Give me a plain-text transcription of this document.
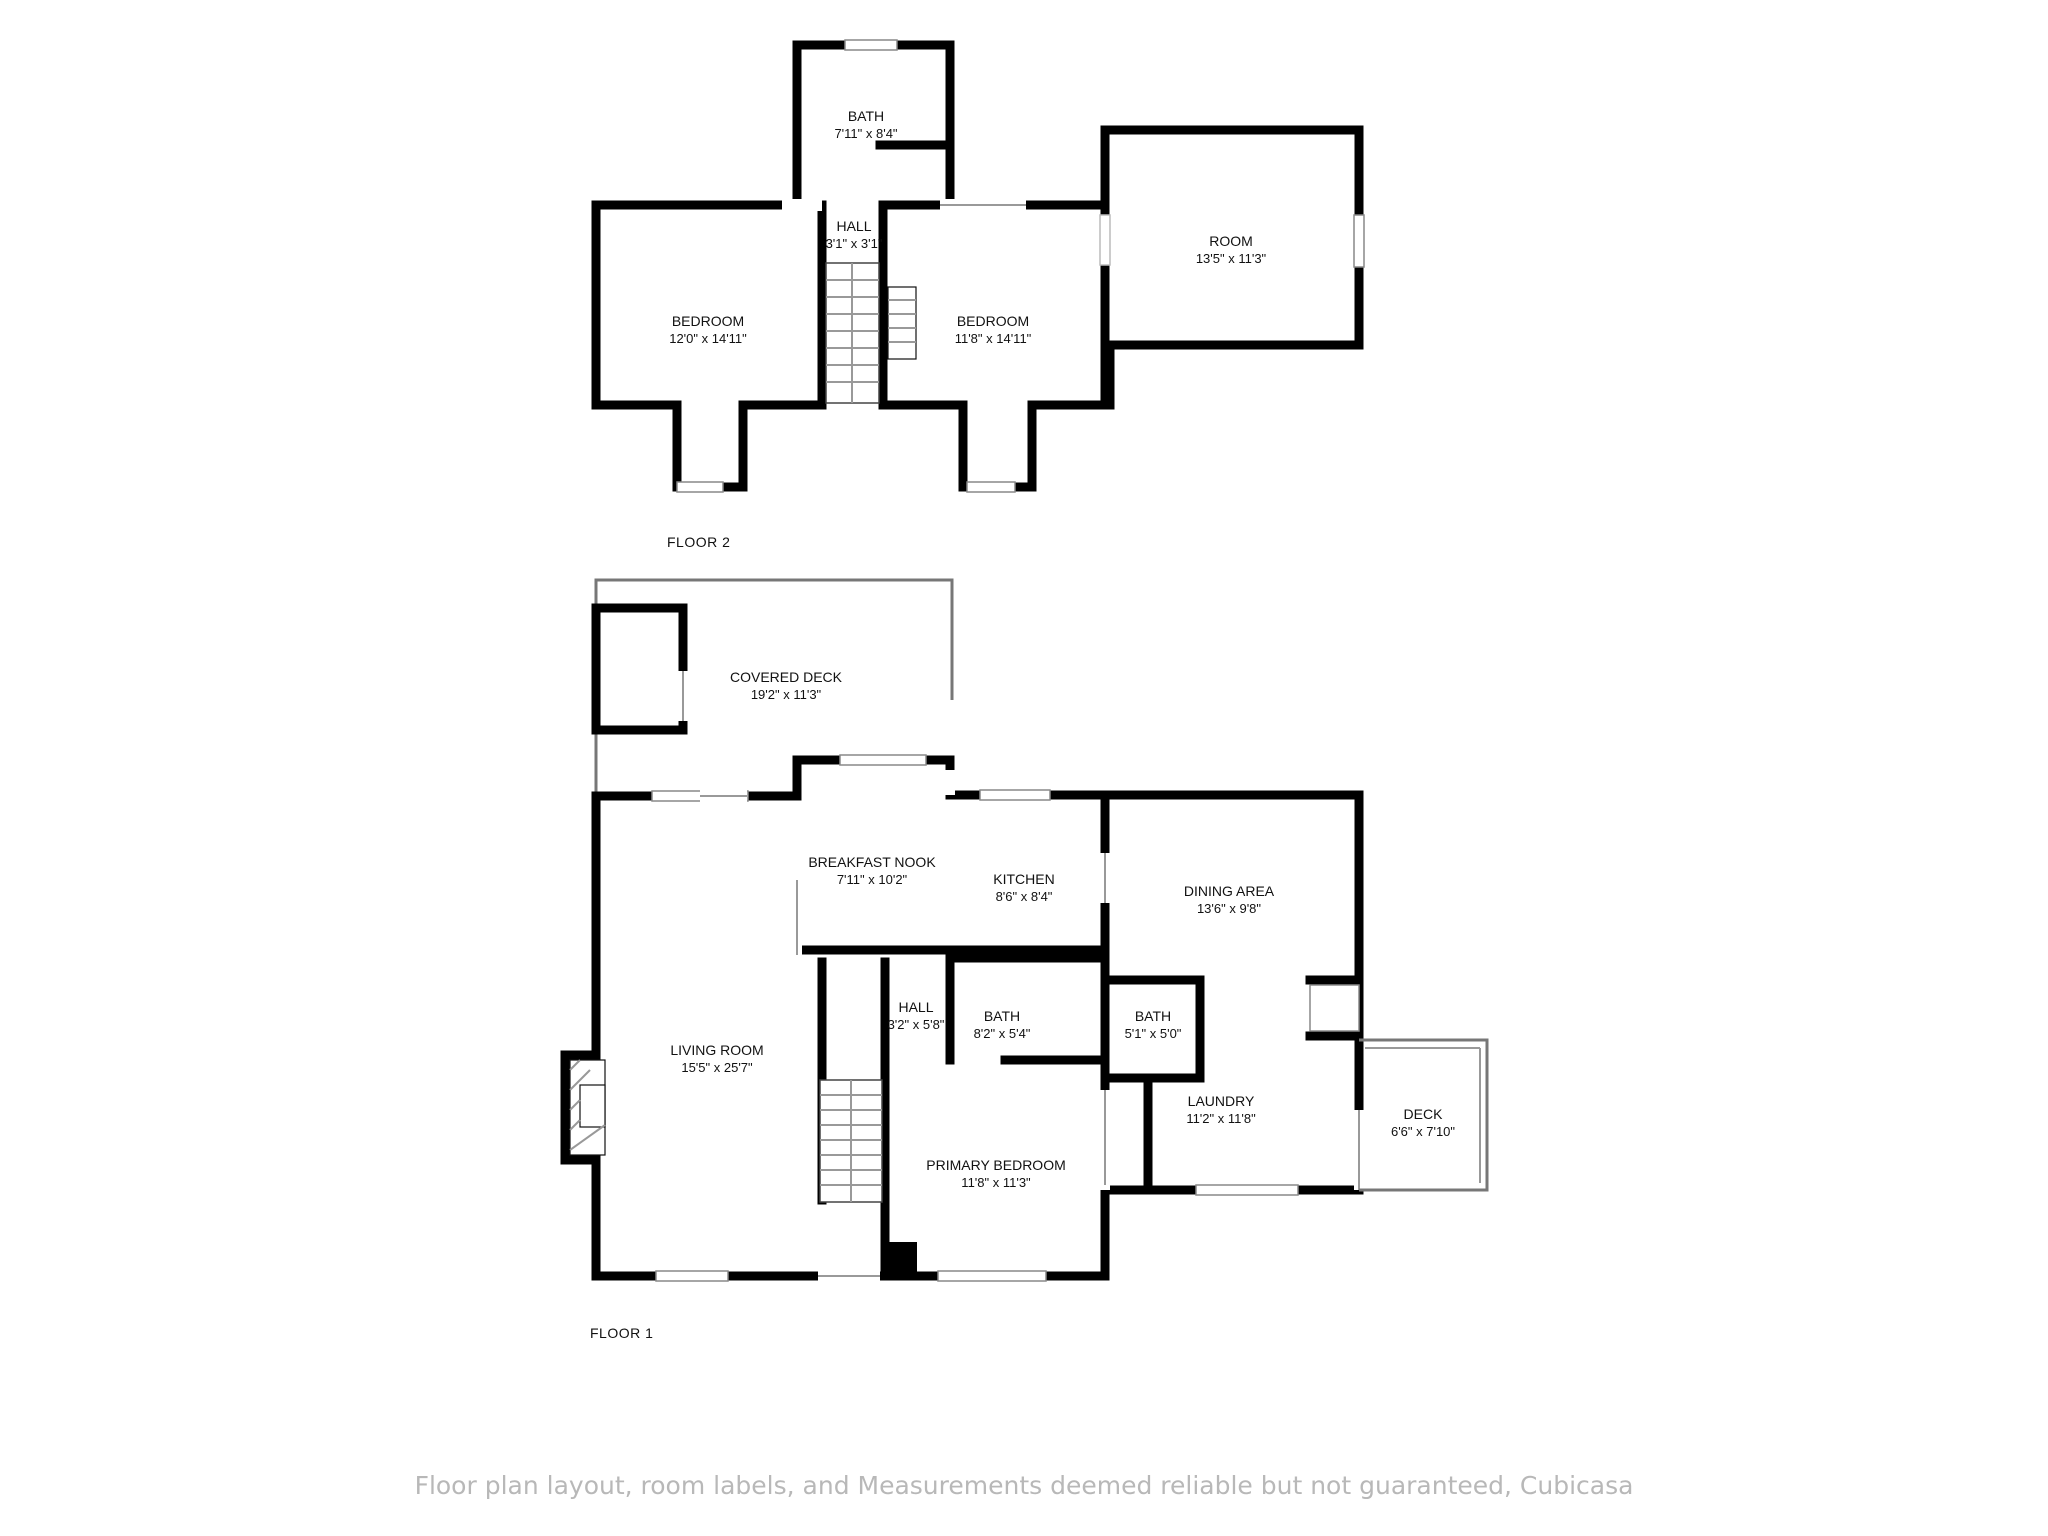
BATH
7'11" x 8'4"
HALL
3'1" x 3'1"
BEDROOM
12'0" x 14'11"
BEDROOM
11'8" x 14'11"
ROOM
13'5" x 11'3"
FLOOR 2
COVERED DECK
19'2" x 11'3"
BREAKFAST NOOK
7'11" x 10'2"	KITCHEN
8'6" x 8'4"	DINING AREA
13'6" x 9'8"
HALL
3'2" x 5'8"
BATH
8'2" x 5'4"
BATH
5'1" x 5'0"
LIVING ROOM
15'5" x 25'7"
LAUNDRY
11'2" x 11'8"	DECK
6'6" x 7'10"
PRIMARY BEDROOM
11'8" x 11'3"
FLOOR 1
Floor plan layout, room labels, and Measurements deemed reliable but not guaranteed, Cubicasa
